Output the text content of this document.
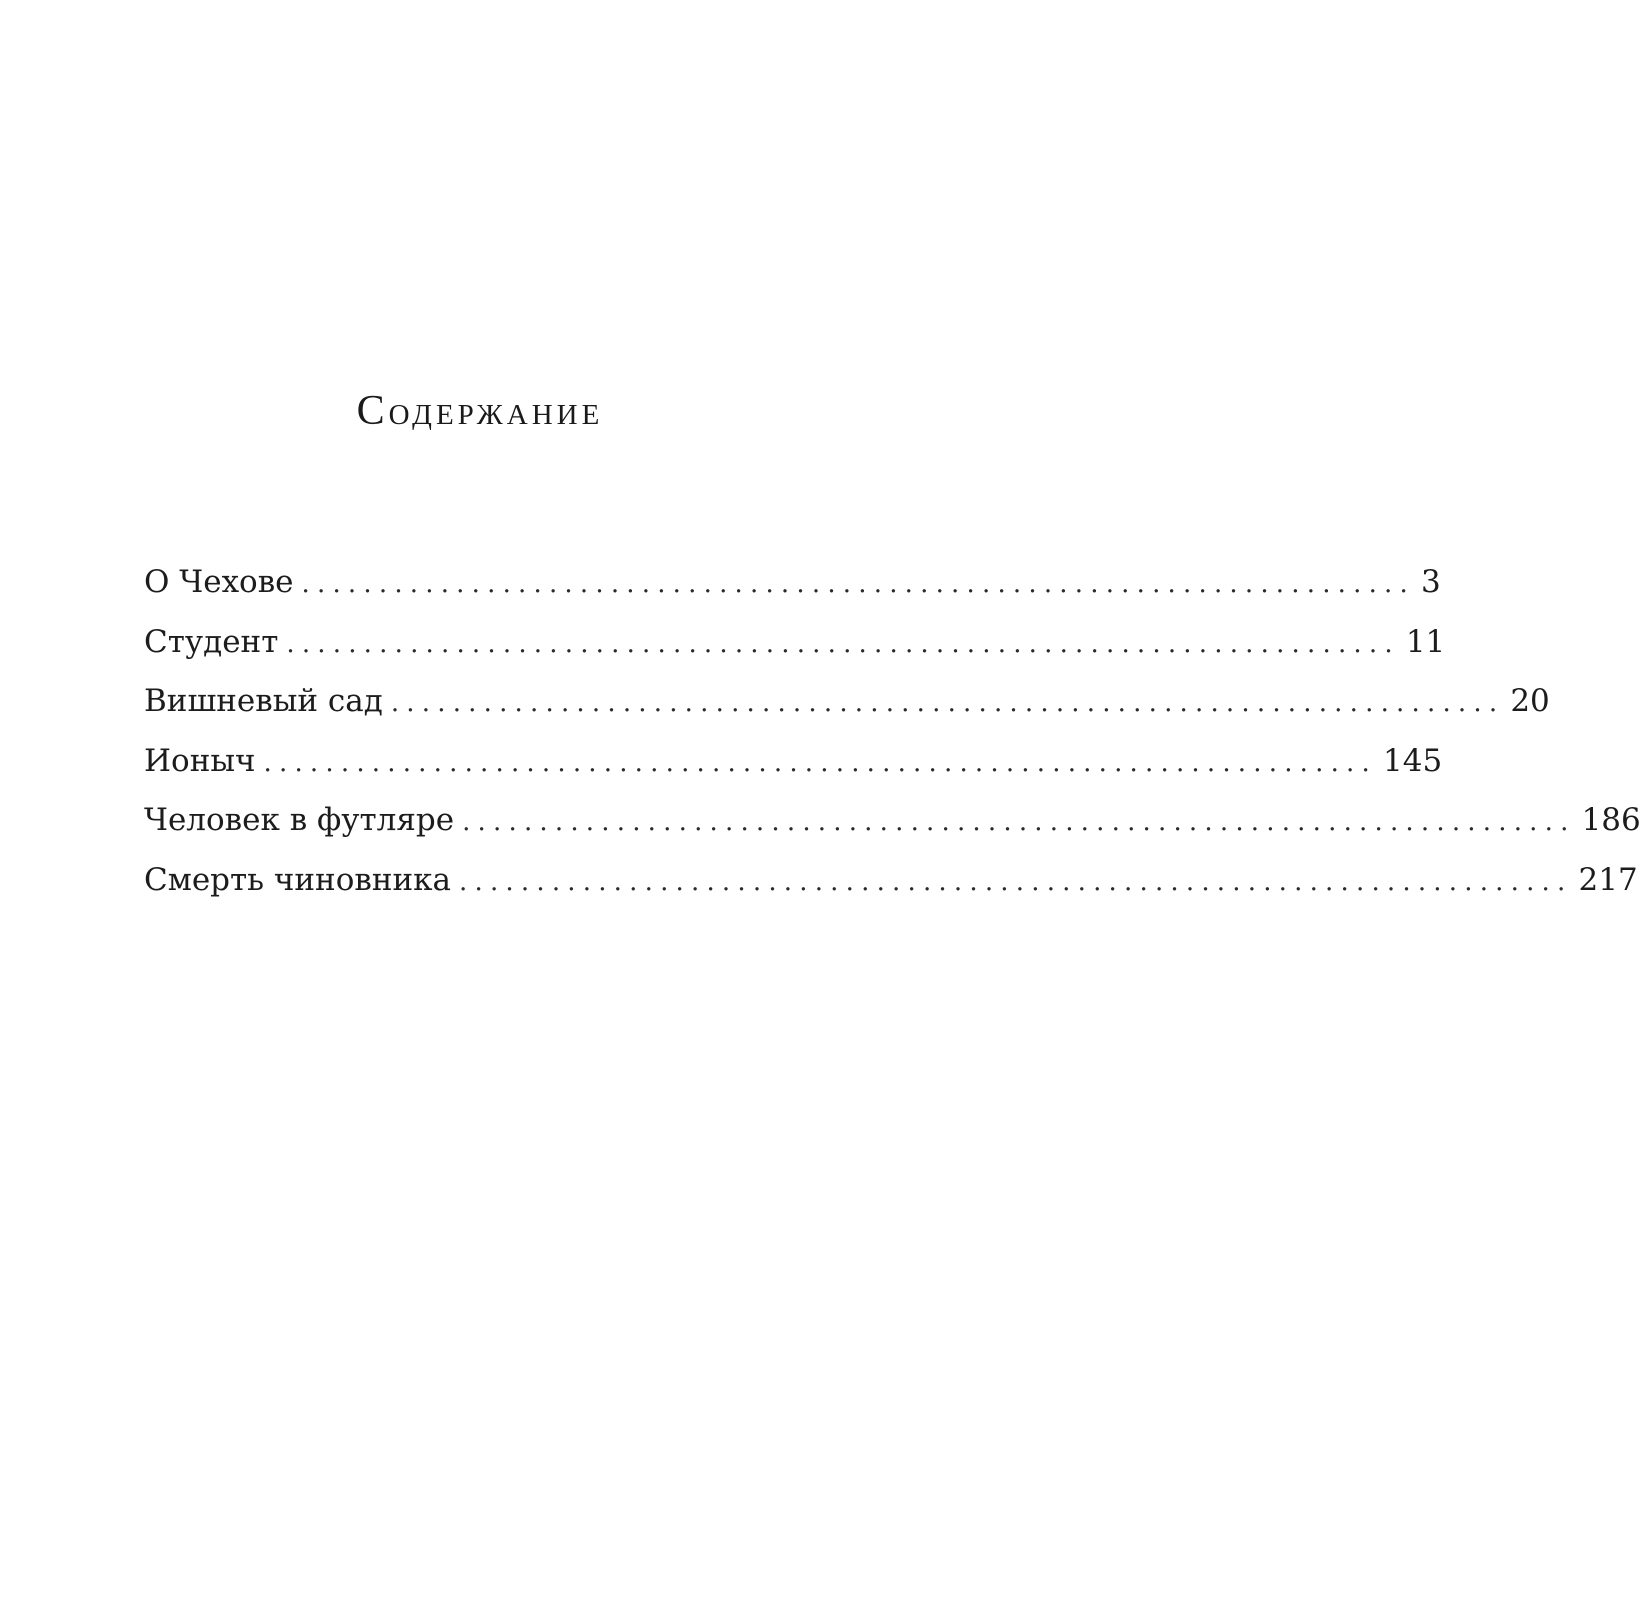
Содержание
О Чехове ........................................................................ 3
Студент ........................................................................ 11
Вишневый сад ........................................................................ 20
Ионыч ........................................................................ 145
Человек в футляре ........................................................................ 186
Смерть чиновника ........................................................................ 217
